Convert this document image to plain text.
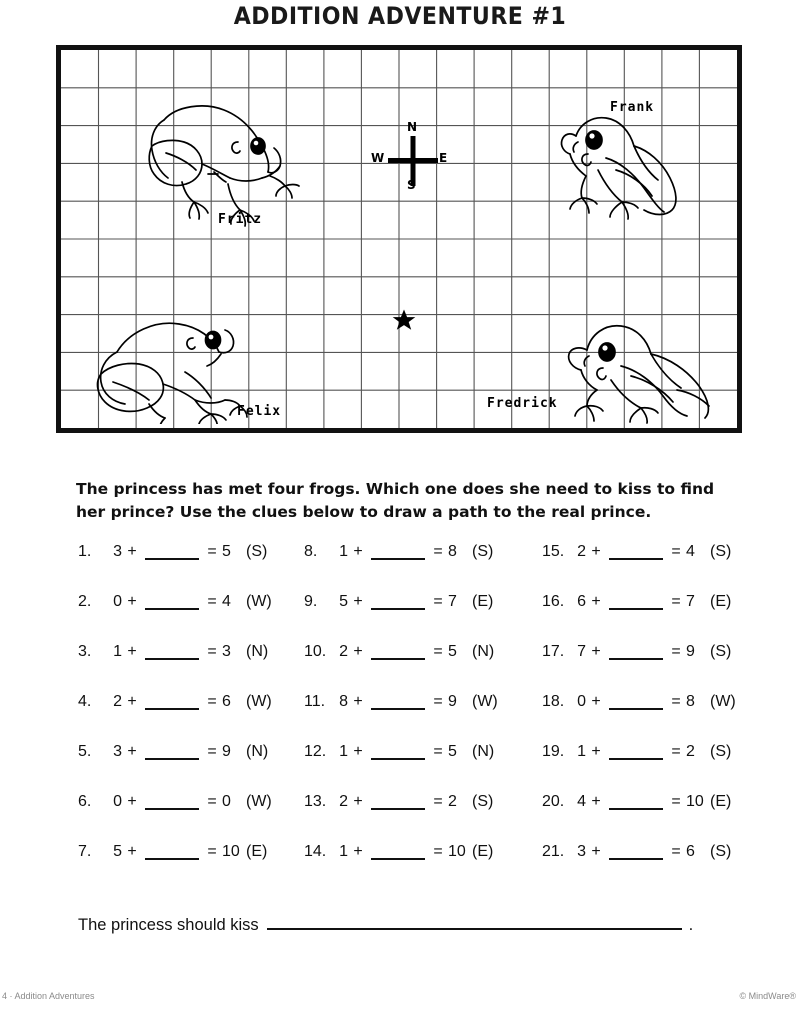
ADDITION ADVENTURE #1
N
W	E
S
Fritz
Frank
Felix
Fredrick

The princess has met four frogs. Which one does she need to kiss to find her prince? Use the clues below to draw a path to the real prince.

1.	3 +	= 5 (S)
2.	0 +	= 4 (W)
3.	1 +	= 3 (N)
4.	2 +	= 6 (W)
5.	3 +	= 9 (N)
6.	0 +	= 0 (W)
7.	5 +	= 10 (E)
8.	1 +	= 8 (S)
9.	5 +	= 7 (E)
10. 2 +	= 5 (N)
11. 8 +	= 9 (W)
12. 1 +	= 5 (N)
13. 2 +	= 2 (S)
14. 1 +	= 10 (E)
15. 2 +	= 4 (S)
16. 6 +	= 7 (E)
17. 7 +	= 9 (S)
18. 0 +	= 8 (W)
19. 1 +	= 2 (S)
20. 4 +	= 10 (E)
21. 3 +	= 6 (S)
The princess should kiss	.
4 · Addition Adventures	© MindWare®
